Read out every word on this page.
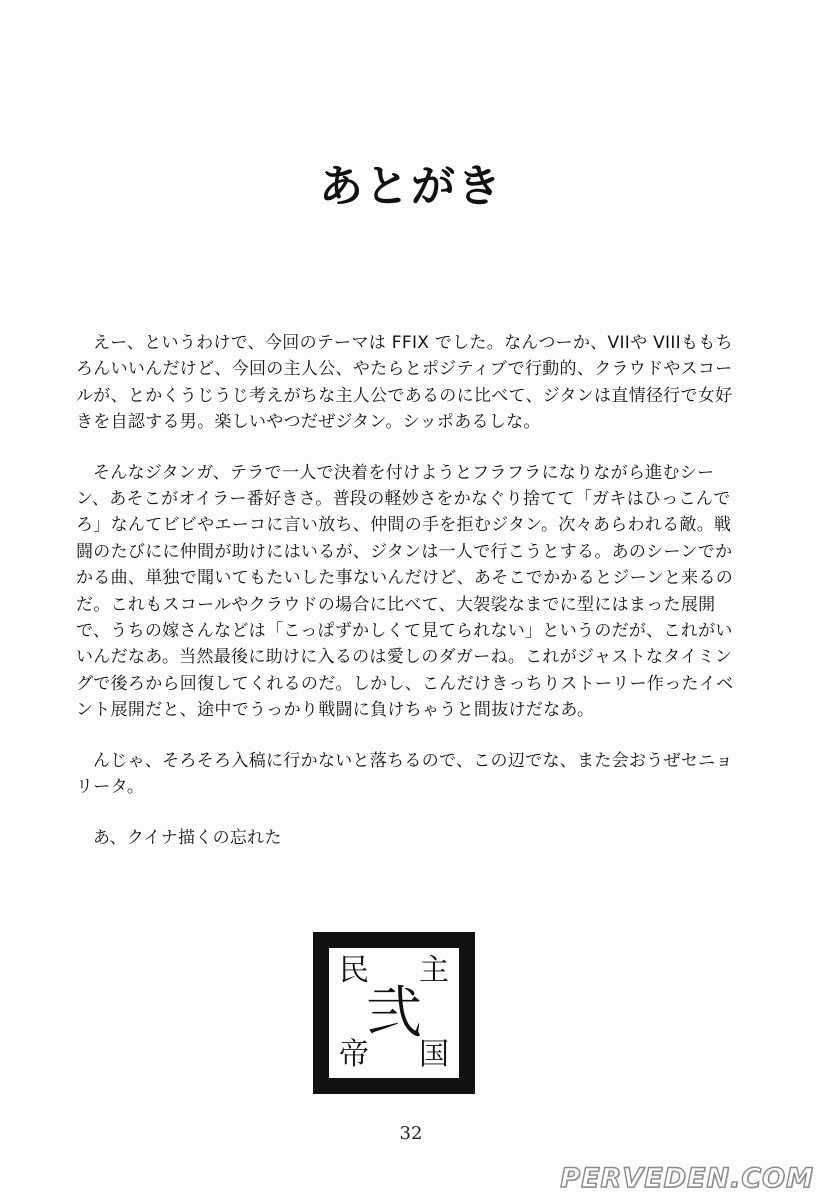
あとがき

えー、というわけで、今回のテーマは FFIX でした。なんつーか、VIIや VIIIももちろんいいんだけど、今回の主人公、やたらとポジティブで行動的、クラウドやスコールが、とかくうじうじ考えがちな主人公であるのに比べて、ジタンは直情径行で女好きを自認する男。楽しいやつだぜジタン。シッポあるしな。

そんなジタンガ、テラで一人で決着を付けようとフラフラになりながら進むシーン、あそこがオイラー番好きさ。普段の軽妙さをかなぐり捨てて「ガキはひっこんでろ」なんてビビやエーコに言い放ち、仲間の手を拒むジタン。次々あらわれる敵。戦闘のたびにに仲間が助けにはいるが、ジタンは一人で行こうとする。あのシーンでかかる曲、単独で聞いてもたいした事ないんだけど、あそこでかかるとジーンと来るのだ。これもスコールやクラウドの場合に比べて、大袈裟なまでに型にはまった展開で、うちの嫁さんなどは「こっぱずかしくて見てられない」というのだが、これがいいんだなあ。当然最後に助けに入るのは愛しのダガーね。これがジャストなタイミングで後ろから回復してくれるのだ。しかし、こんだけきっちりストーリー作ったイベント展開だと、途中でうっかり戦闘に負けちゃうと間抜けだなあ。

んじゃ、そろそろ入稿に行かないと落ちるので、この辺でな、また会おうぜセニョリータ。

あ、クイナ描くの忘れた

民 主
弐
帝 国
32
PERVEDEN.COM
